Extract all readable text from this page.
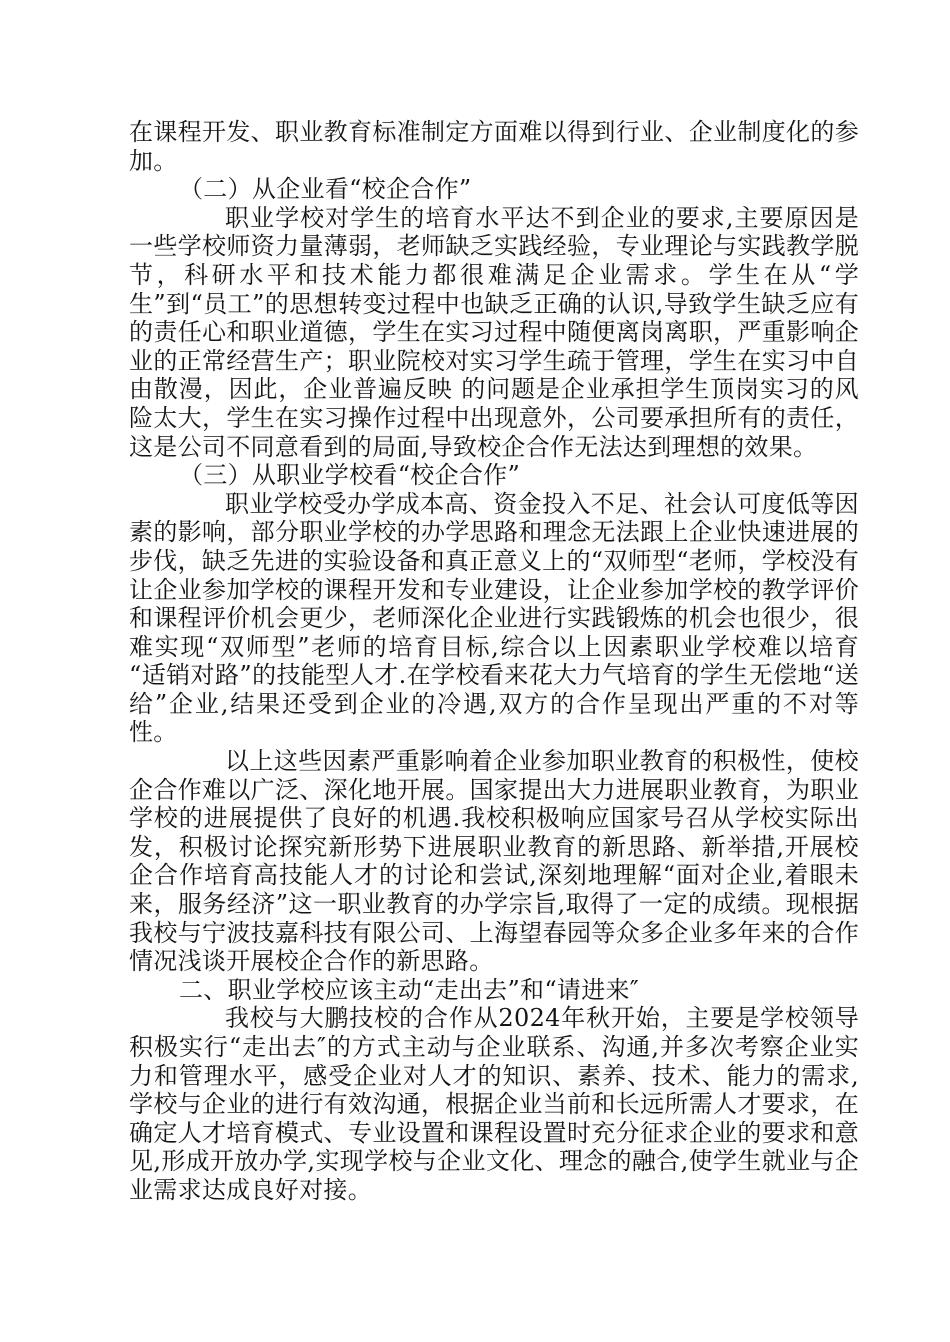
在课程开发、职业教育标准制定方面难以得到行业、企业制度化的参加。

（二）从企业看“校企合作”

职业学校对学生的培育水平达不到企业的要求,主要原因是一些学校师资力量薄弱，老师缺乏实践经验，专业理论与实践教学脱节，科研水平和技术能力都很难满足企业需求。学生在从“学生”到“员工”的思想转变过程中也缺乏正确的认识,导致学生缺乏应有的责任心和职业道德，学生在实习过程中随便离岗离职，严重影响企业的正常经营生产；职业院校对实习学生疏于管理，学生在实习中自由散漫，因此，企业普遍反映 的问题是企业承担学生顶岗实习的风险太大，学生在实习操作过程中出现意外，公司要承担所有的责任，这是公司不同意看到的局面,导致校企合作无法达到理想的效果。

（三）从职业学校看“校企合作”

职业学校受办学成本高、资金投入不足、社会认可度低等因素的影响，部分职业学校的办学思路和理念无法跟上企业快速进展的步伐，缺乏先进的实验设备和真正意义上的“双师型“老师，学校没有让企业参加学校的课程开发和专业建设，让企业参加学校的教学评价和课程评价机会更少，老师深化企业进行实践锻炼的机会也很少，很难实现“双师型”老师的培育目标,综合以上因素职业学校难以培育 “适销对路”的技能型人才.在学校看来花大力气培育的学生无偿地“送给”企业,结果还受到企业的冷遇,双方的合作呈现出严重的不对等性。

以上这些因素严重影响着企业参加职业教育的积极性，使校企合作难以广泛、深化地开展。国家提出大力进展职业教育，为职业学校的进展提供了良好的机遇.我校积极响应国家号召从学校实际出发，积极讨论探究新形势下进展职业教育的新思路、新举措,开展校企合作培育高技能人才的讨论和尝试,深刻地理解“面对企业,着眼未来，服务经济”这一职业教育的办学宗旨,取得了一定的成绩。现根据我校与宁波技嘉科技有限公司、上海望春园等众多企业多年来的合作情况浅谈开展校企合作的新思路。

二、职业学校应该主动“走出去”和“请进来″

我校与大鹏技校的合作从2024年秋开始，主要是学校领导积极实行“走出去″的方式主动与企业联系、沟通,并多次考察企业实力和管理水平，感受企业对人才的知识、素养、技术、能力的需求,学校与企业的进行有效沟通，根据企业当前和长远所需人才要求，在确定人才培育模式、专业设置和课程设置时充分征求企业的要求和意见,形成开放办学,实现学校与企业文化、理念的融合,使学生就业与企业需求达成良好对接。
